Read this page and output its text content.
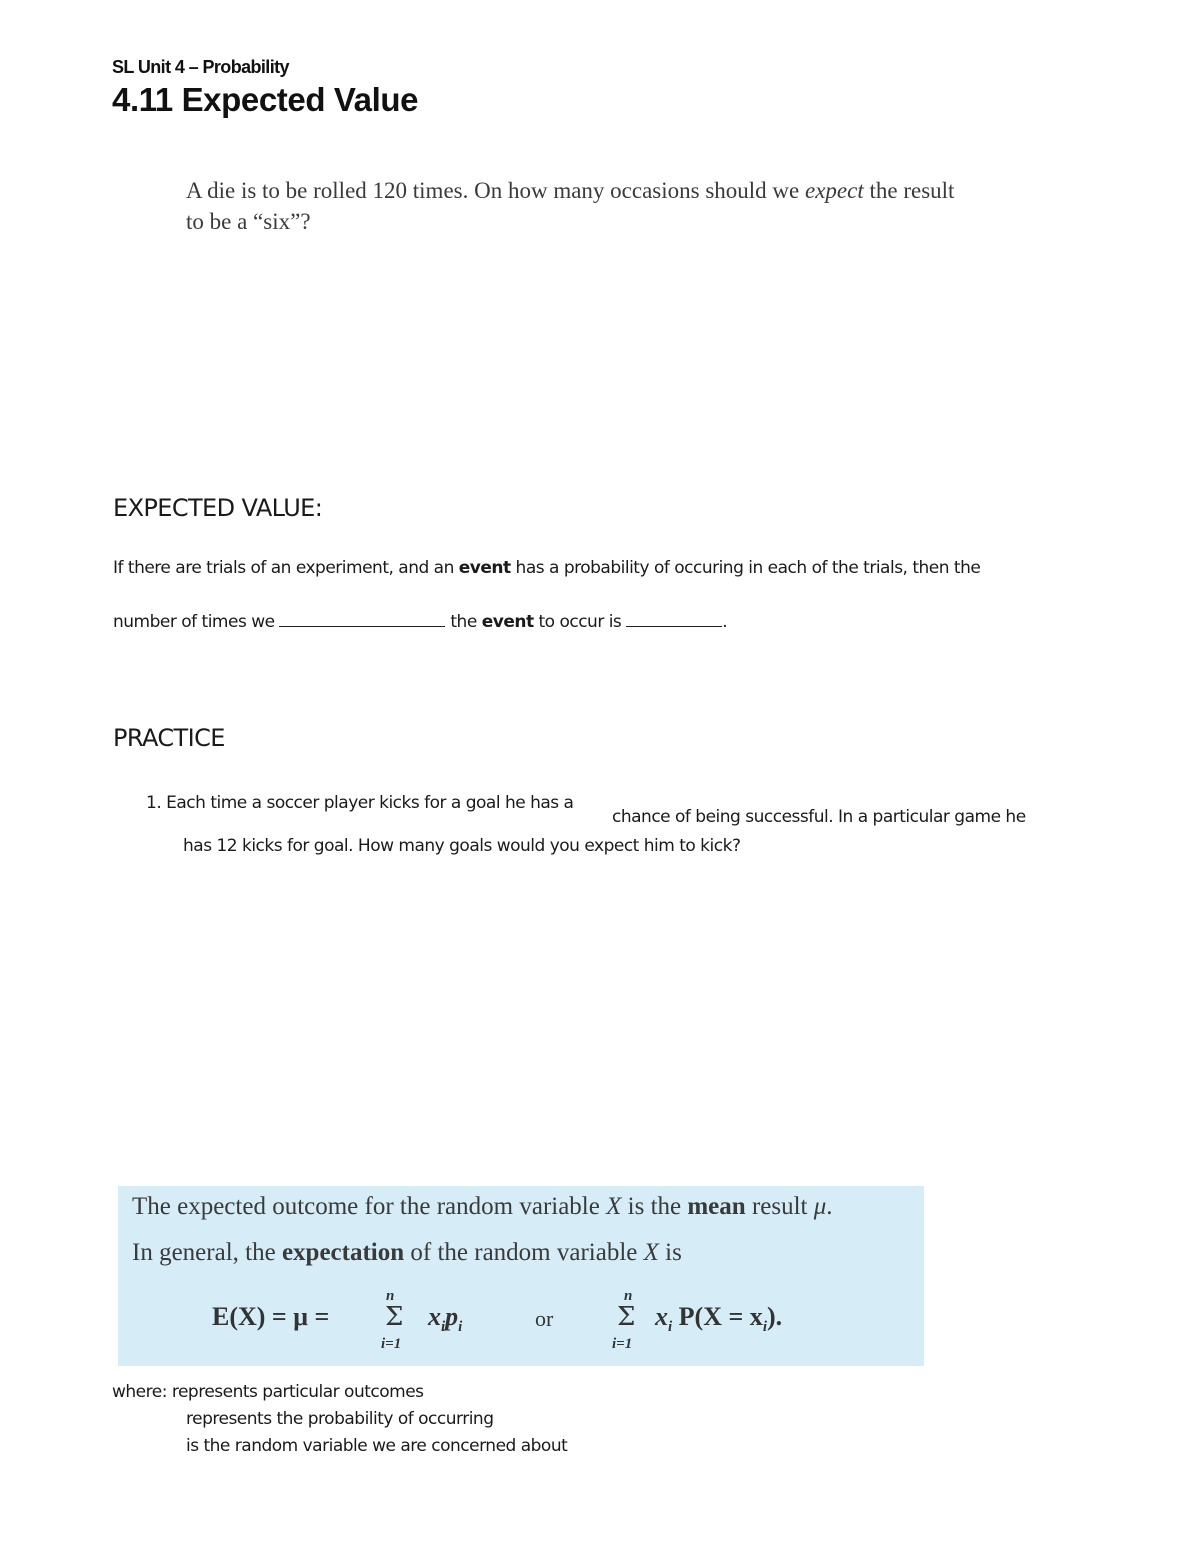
SL Unit 4 – Probability
4.11 Expected Value
A die is to be rolled 120 times. On how many occasions should we expect the result
to be a “six”?
EXPECTED VALUE:
If there are trials of an experiment, and an event has a probability of occuring in each of the trials, then the
number of times we	the event to occur is	.
PRACTICE
1. Each time a soccer player kicks for a goal he has a
chance of being successful. In a particular game he
has 12 kicks for goal. How many goals would you expect him to kick?
The expected outcome for the random variable X is the mean result μ.
In general, the expectation of the random variable X is
E(X) = μ =
n
Σ
i=1
$x_ip_i$	or
n
Σ
i=1
$x_i$ $P(X = x_i)$.
where: represents particular outcomes
represents the probability of occurring
is the random variable we are concerned about
